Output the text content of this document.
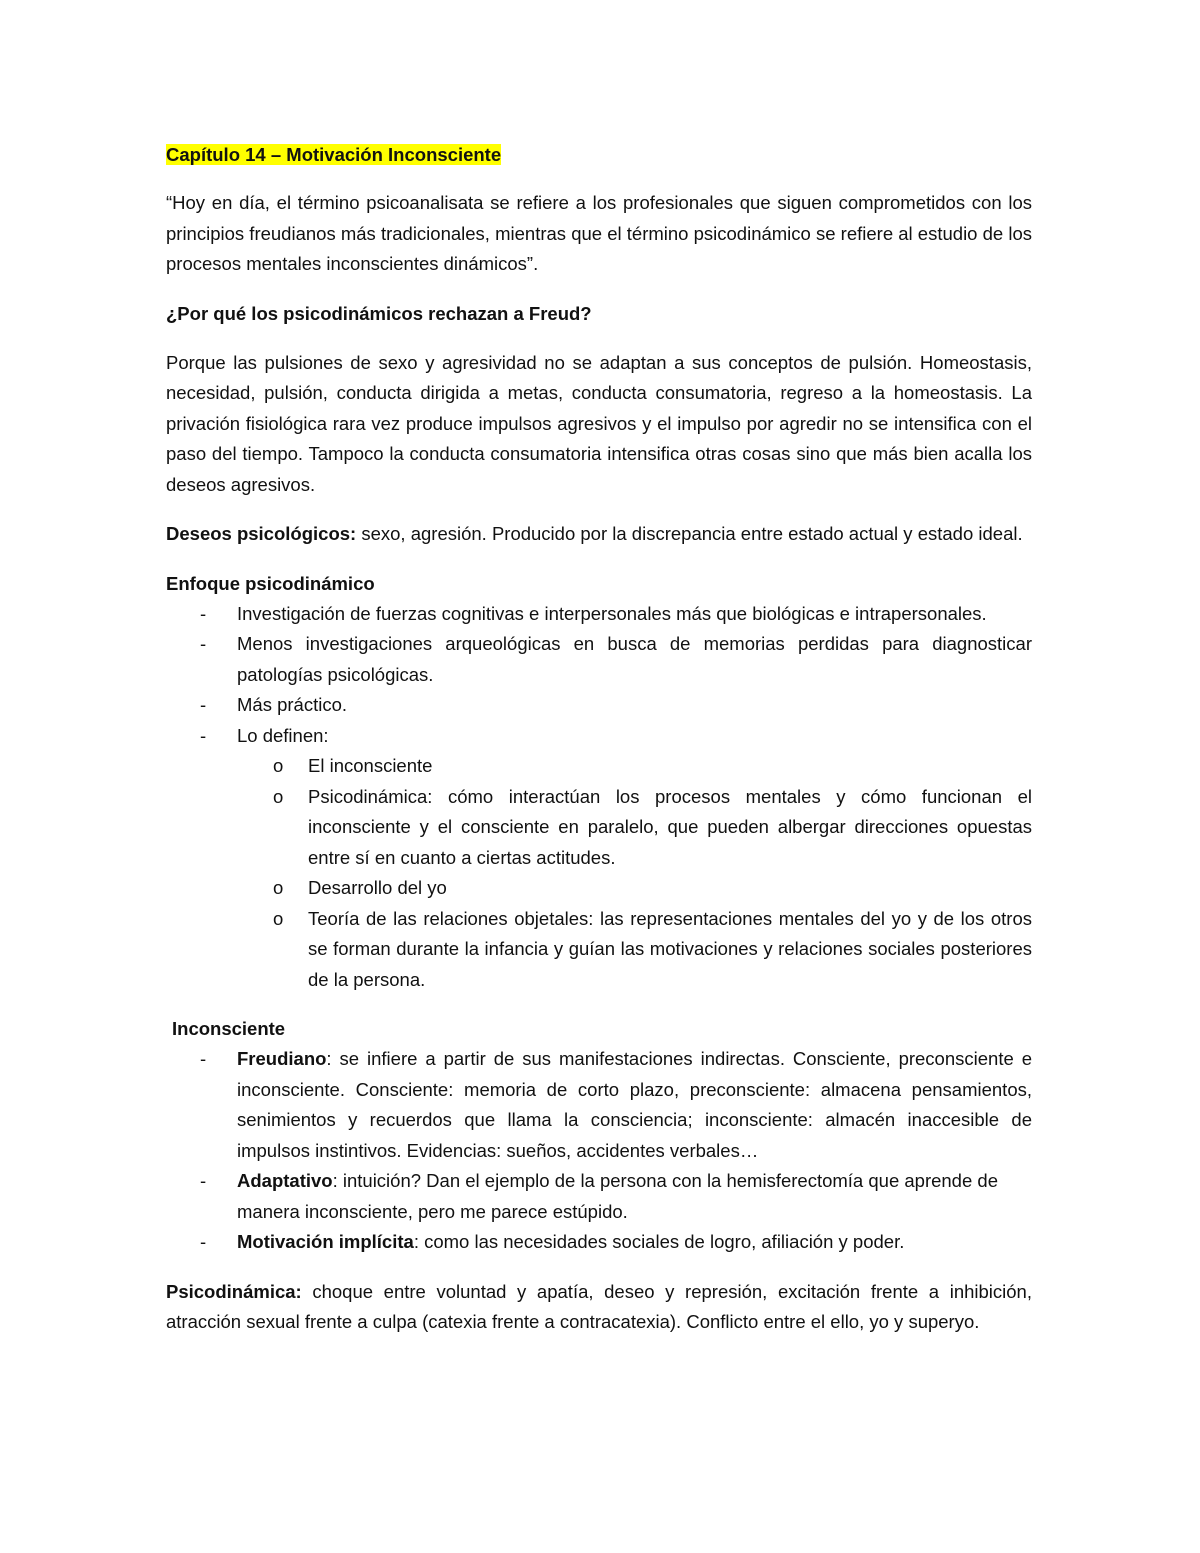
Capítulo 14 – Motivación Inconsciente

“Hoy en día, el término psicoanalisata se refiere a los profesionales que siguen comprometidos con los principios freudianos más tradicionales, mientras que el término psicodinámico se refiere al estudio de los procesos mentales inconscientes dinámicos”.

¿Por qué los psicodinámicos rechazan a Freud?

Porque las pulsiones de sexo y agresividad no se adaptan a sus conceptos de pulsión. Homeostasis, necesidad, pulsión, conducta dirigida a metas, conducta consumatoria, regreso a la homeostasis. La privación fisiológica rara vez produce impulsos agresivos y el impulso por agredir no se intensifica con el paso del tiempo. Tampoco la conducta consumatoria intensifica otras cosas sino que más bien acalla los deseos agresivos.

Deseos psicológicos: sexo, agresión. Producido por la discrepancia entre estado actual y estado ideal.

Enfoque psicodinámico

- Investigación de fuerzas cognitivas e interpersonales más que biológicas e intrapersonales.
- Menos investigaciones arqueológicas en busca de memorias perdidas para diagnosticar patologías psicológicas.
- Más práctico.
- Lo definen:
o El inconsciente
o Psicodinámica: cómo interactúan los procesos mentales y cómo funcionan el inconsciente y el consciente en paralelo, que pueden albergar direcciones opuestas entre sí en cuanto a ciertas actitudes.
o Desarrollo del yo
o Teoría de las relaciones objetales: las representaciones mentales del yo y de los otros se forman durante la infancia y guían las motivaciones y relaciones sociales posteriores de la persona.

Inconsciente

- Freudiano: se infiere a partir de sus manifestaciones indirectas. Consciente, preconsciente e inconsciente. Consciente: memoria de corto plazo, preconsciente: almacena pensamientos, senimientos y recuerdos que llama la consciencia; inconsciente: almacén inaccesible de impulsos instintivos. Evidencias: sueños, accidentes verbales…
- Adaptativo: intuición? Dan el ejemplo de la persona con la hemisferectomía que aprende de manera inconsciente, pero me parece estúpido.
- Motivación implícita: como las necesidades sociales de logro, afiliación y poder.

Psicodinámica: choque entre voluntad y apatía, deseo y represión, excitación frente a inhibición, atracción sexual frente a culpa (catexia frente a contracatexia). Conflicto entre el ello, yo y superyo.
